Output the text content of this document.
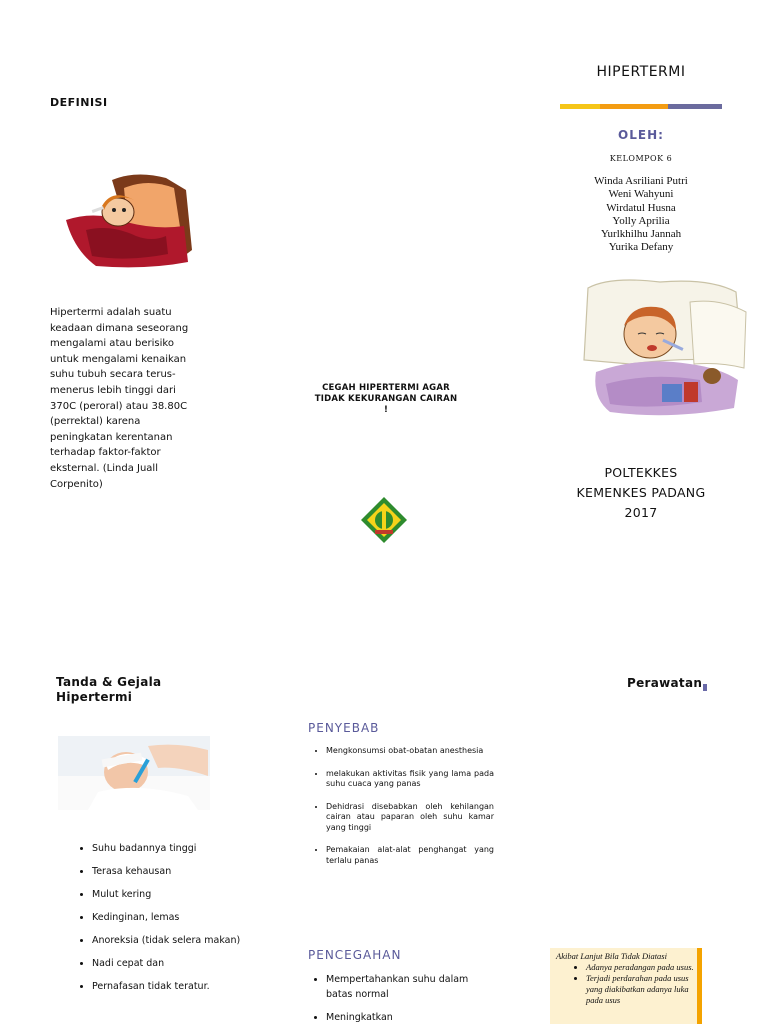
DEFINISI
Hipertermi adalah suatu keadaan dimana seseorang mengalami atau berisiko untuk mengalami kenaikan suhu tubuh secara terus-menerus lebih tinggi dari 370C (peroral) atau 38.80C (perrektal) karena peningkatan kerentanan terhadap faktor-faktor eksternal. (Linda Juall Corpenito)
CEGAH HIPERTERMI AGAR
TIDAK KEKURANGAN CAIRAN
!
HIPERTERMI
OLEH:
KELOMPOK 6
Winda Asriliani Putri
Weni Wahyuni
Wirdatul Husna
Yolly Aprilia
Yurlkhilhu Jannah
Yurika Defany
POLTEKKES
KEMENKES PADANG
2017
Tanda & Gejala
Hipertermi
• Suhu badannya tinggi
• Terasa kehausan
• Mulut kering
• Kedinginan, lemas
• Anoreksia (tidak selera makan)
• Nadi cepat dan
• Pernafasan tidak teratur.
PENYEBAB
• Mengkonsumsi obat-obatan anesthesia
• melakukan aktivitas fisik yang lama pada suhu cuaca yang panas
• Dehidrasi disebabkan oleh kehilangan cairan atau paparan oleh suhu kamar yang tinggi
• Pemakaian alat-alat penghangat yang terlalu panas
PENCEGAHAN
• Mempertahankan suhu dalam batas normal
• Meningkatkan
Perawatan
Akibat Lanjut Bila Tidak Diatasi
• Adanya peradangan pada usus.
• Terjadi perdarahan pada usus yang diakibatkan adanya luka pada usus
